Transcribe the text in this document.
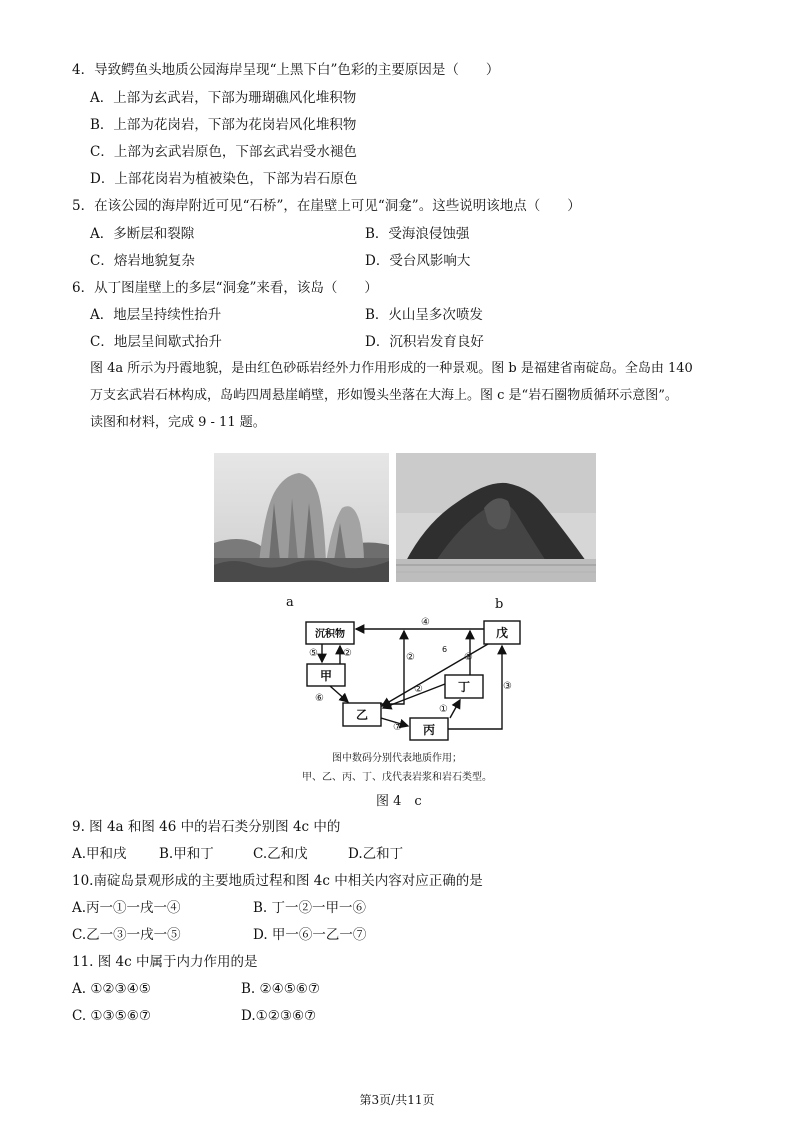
4．导致鳄鱼头地质公园海岸呈现“上黑下白”色彩的主要原因是（　　）
A．上部为玄武岩，下部为珊瑚礁风化堆积物
B．上部为花岗岩，下部为花岗岩风化堆积物
C．上部为玄武岩原色，下部玄武岩受水褪色
D．上部花岗岩为植被染色，下部为岩石原色
5．在该公园的海岸附近可见“石桥”，在崖壁上可见“洞龛”。这些说明该地点（　　）
A．多断层和裂隙	B．受海浪侵蚀强
C．熔岩地貌复杂	D．受台风影响大
6．从丁图崖壁上的多层“洞龛”来看，该岛（　　）
A．地层呈持续性抬升	B．火山呈多次喷发
C．地层呈间歇式抬升	D．沉积岩发育良好
图 4a 所示为丹霞地貌，是由红色砂砾岩经外力作用形成的一种景观。图 b 是福建省南碇岛。全岛由 140
万支玄武岩石林构成，岛屿四周悬崖峭壁，形如馒头坐落在大海上。图 c 是“岩石圈物质循环示意图”。
读图和材料，完成 9 - 11 题。
a	b
沉积物
甲
乙
丙
丁
戊
④
⑤	②
⑥
②
⑦
①
②
②
③
6
图中数码分别代表地质作用；
甲、乙、丙、丁、戊代表岩浆和岩石类型。
图 4　c
9. 图 4a 和图 46 中的岩石类分别图 4c 中的
A.甲和戌 B.甲和丁	C.乙和戊	D.乙和丁
10.南碇岛景观形成的主要地质过程和图 4c 中相关内容对应正确的是
A.丙一①一戌一④	B. 丁一②一甲一⑥
C.乙一③一戌一⑤	D. 甲一⑥一乙一⑦
11. 图 4c 中属于内力作用的是
A. ①②③④⑤	B. ②④⑤⑥⑦
C. ①③⑤⑥⑦	D.①②③⑥⑦
第3页/共11页
